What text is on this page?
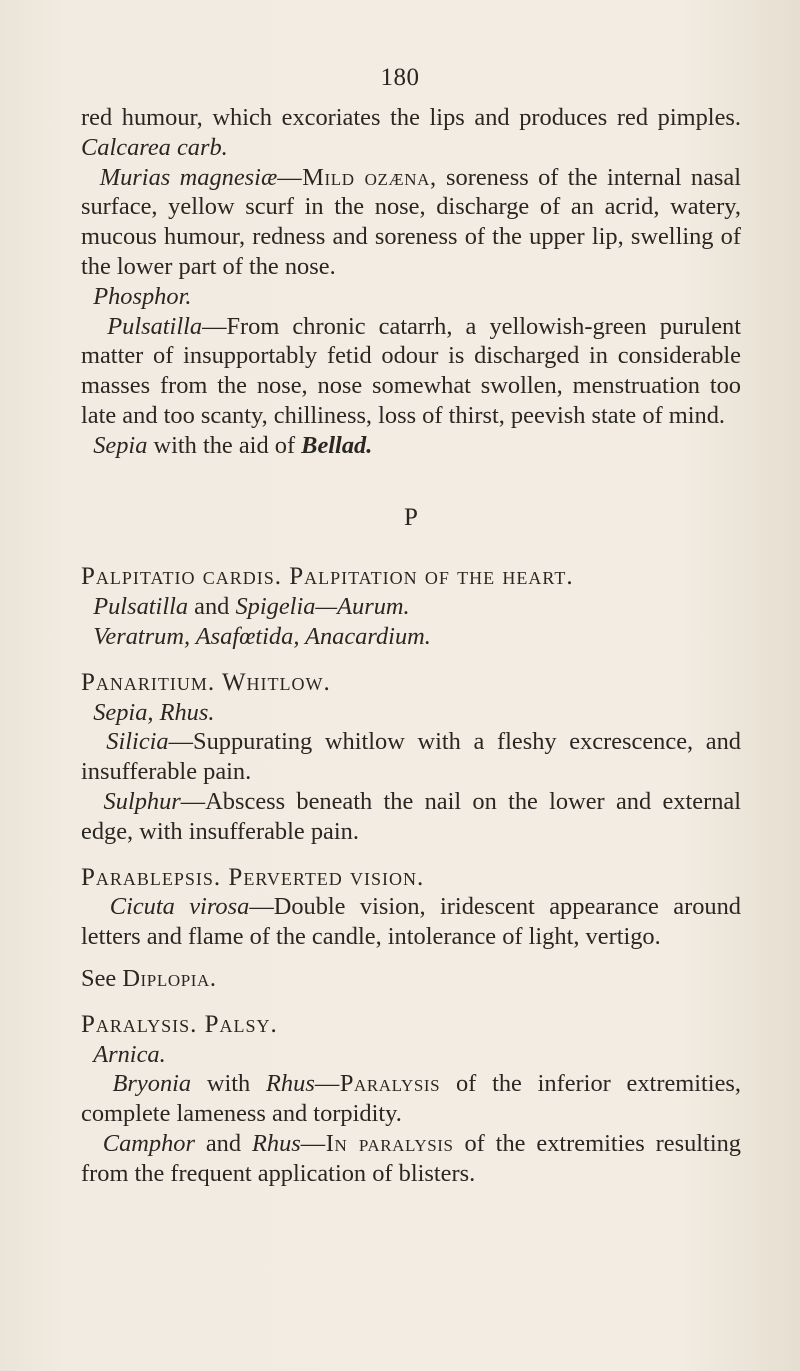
180

red humour, which excoriates the lips and produces red pimples. Calcarea carb.

Murias magnesiæ—Mild ozæna, soreness of the internal nasal surface, yellow scurf in the nose, discharge of an acrid, watery, mucous humour, redness and soreness of the upper lip, swelling of the lower part of the nose.

Phosphor.

Pulsatilla—From chronic catarrh, a yellowish-green purulent matter of insupportably fetid odour is discharged in considerable masses from the nose, nose somewhat swollen, menstruation too late and too scanty, chilliness, loss of thirst, peevish state of mind.

Sepia with the aid of Bellad.

P

Palpitatio cardis. Palpitation of the heart.

Pulsatilla and Spigelia—Aurum.

Veratrum, Asafœtida, Anacardium.

Panaritium. Whitlow.

Sepia, Rhus.

Silicia—Suppurating whitlow with a fleshy excrescence, and insufferable pain.

Sulphur—Abscess beneath the nail on the lower and external edge, with insufferable pain.

Parablepsis. Perverted vision.

Cicuta virosa—Double vision, iridescent appearance around letters and flame of the candle, intolerance of light, vertigo.

See Diplopia.

Paralysis. Palsy.

Arnica.

Bryonia with Rhus—Paralysis of the inferior extremities, complete lameness and torpidity.

Camphor and Rhus—In paralysis of the extremities resulting from the frequent application of blisters.
